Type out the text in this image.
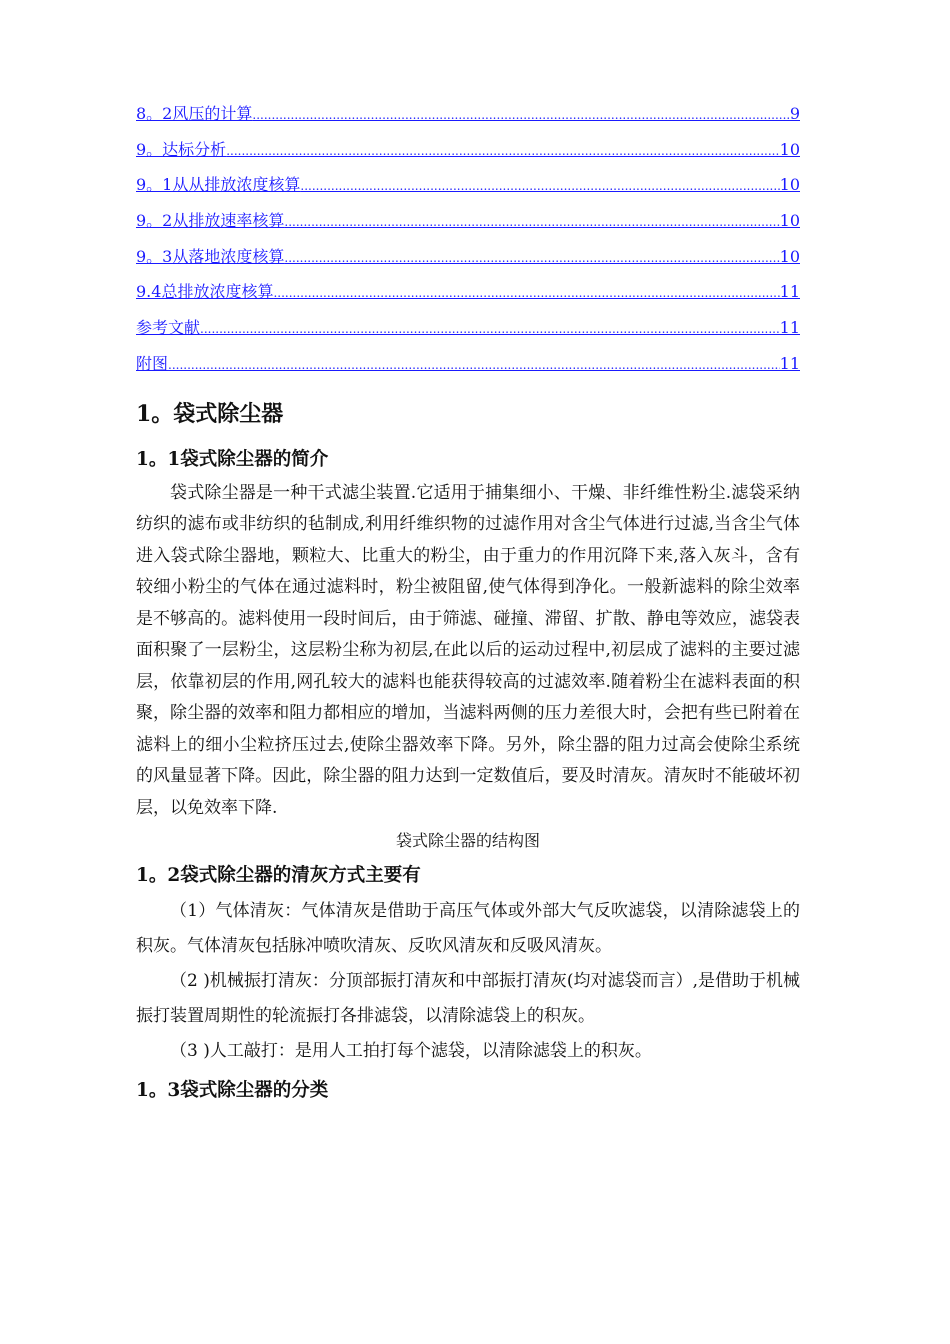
8。2风压的计算 .....	9
9。达标分析 .....	10
9。1从从排放浓度核算 .....	10
9。2从排放速率核算 .....	10
9。3从落地浓度核算 .....	10
9.4总排放浓度核算 .....	11
参考文献 .....	11
附图 .....	11
1。袋式除尘器
1。1袋式除尘器的简介

袋式除尘器是一种干式滤尘装置.它适用于捕集细小、干燥、非纤维性粉尘.滤袋采纳纺织的滤布或非纺织的毡制成,利用纤维织物的过滤作用对含尘气体进行过滤,当含尘气体进入袋式除尘器地，颗粒大、比重大的粉尘，由于重力的作用沉降下来,落入灰斗，含有较细小粉尘的气体在通过滤料时，粉尘被阻留,使气体得到净化。一般新滤料的除尘效率是不够高的。滤料使用一段时间后，由于筛滤、碰撞、滞留、扩散、静电等效应，滤袋表面积聚了一层粉尘，这层粉尘称为初层,在此以后的运动过程中,初层成了滤料的主要过滤层，依靠初层的作用,网孔较大的滤料也能获得较高的过滤效率.随着粉尘在滤料表面的积聚，除尘器的效率和阻力都相应的增加，当滤料两侧的压力差很大时，会把有些已附着在滤料上的细小尘粒挤压过去,使除尘器效率下降。另外，除尘器的阻力过高会使除尘系统的风量显著下降。因此，除尘器的阻力达到一定数值后，要及时清灰。清灰时不能破坏初层，以免效率下降.

袋式除尘器的结构图
1。2袋式除尘器的清灰方式主要有

（1）气体清灰：气体清灰是借助于高压气体或外部大气反吹滤袋，以清除滤袋上的积灰。气体清灰包括脉冲喷吹清灰、反吹风清灰和反吸风清灰。

（2 )机械振打清灰：分顶部振打清灰和中部振打清灰(均对滤袋而言）,是借助于机械振打装置周期性的轮流振打各排滤袋，以清除滤袋上的积灰。

（3 )人工敲打：是用人工拍打每个滤袋，以清除滤袋上的积灰。

1。3袋式除尘器的分类
